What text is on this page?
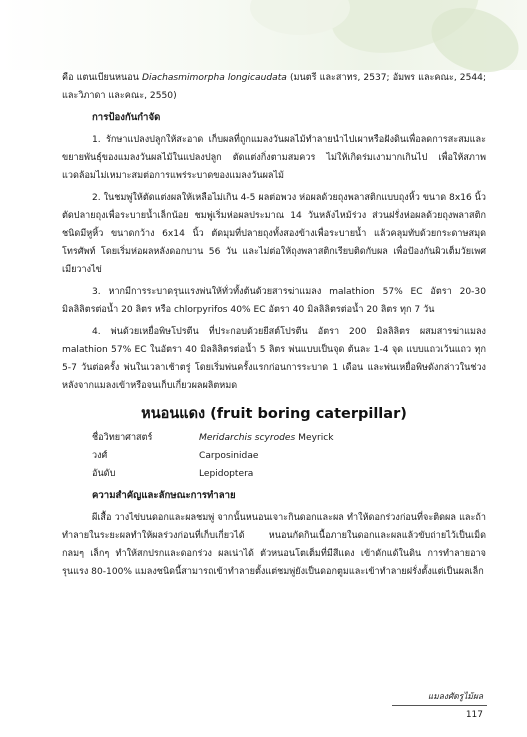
คือ แตนเบียนหนอน Diachasmimorpha longicaudata (มนตรี และสาทร, 2537; อัมพร และคณะ, 2544; และวิภาดา และคณะ, 2550)

การป้องกันกำจัด

1. รักษาแปลงปลูกให้สะอาด เก็บผลที่ถูกแมลงวันผลไม้ทำลายนำไปเผาหรือฝังดินเพื่อลดการสะสมและขยายพันธุ์ของแมลงวันผลไม้ในแปลงปลูก ตัดแต่งกิ่งตามสมควร ไม่ให้เกิดร่มเงามากเกินไป เพื่อให้สภาพแวดล้อมไม่เหมาะสมต่อการแพร่ระบาดของแมลงวันผลไม้

2. ในชมพู่ให้ตัดแต่งผลให้เหลือไม่เกิน 4-5 ผลต่อพวง ห่อผลด้วยถุงพลาสติกแบบถุงหิ้ว ขนาด 8x16 นิ้ว ตัดปลายถุงเพื่อระบายน้ำเล็กน้อย ชมพู่เริ่มห่อผลประมาณ 14 วันหลังไหม้ร่วง ส่วนฝรั่งห่อผลด้วยถุงพลาสติกชนิดมีหูหิ้ว ขนาดกว้าง 6x14 นิ้ว ตัดมุมที่ปลายถุงทั้งสองข้างเพื่อระบายน้ำ แล้วคลุมทับด้วยกระดาษสมุดโทรศัพท์ โดยเริ่มห่อผลหลังดอกบาน 56 วัน และไม่ต่อให้ถุงพลาสติกเรียบติดกับผล เพื่อป้องกันผิวเต็มวัยเพศเมียวางไข่

3. หากมีการระบาดรุนแรงพ่นให้ทั่วทั้งต้นด้วยสารฆ่าแมลง malathion 57% EC อัตรา 20-30 มิลลิลิตรต่อน้ำ 20 ลิตร หรือ chlorpyrifos 40% EC อัตรา 40 มิลลิลิตรต่อน้ำ 20 ลิตร ทุก 7 วัน

4. พ่นด้วยเหยื่อพิษโปรตีน ที่ประกอบด้วยยีสต์โปรตีน อัตรา 200 มิลลิลิตร ผสมสารฆ่าแมลง malathion 57% EC ในอัตรา 40 มิลลิลิตรต่อน้ำ 5 ลิตร พ่นแบบเป็นจุด ต้นละ 1-4 จุด แบบแถวเว้นแถว ทุก 5-7 วันต่อครั้ง พ่นในเวลาเช้าตรู่ โดยเริ่มพ่นครั้งแรกก่อนการระบาด 1 เดือน และพ่นเหยื่อพิษดังกล่าวในช่วงหลังจากแมลงเข้าหรือจนเก็บเกี่ยวผลผลิตหมด

หนอนแดง (fruit boring caterpillar)
ชื่อวิทยาศาสตร์	Meridarchis scyrodes Meyrick
วงศ์	Carposinidae
อันดับ	Lepidoptera
ความสำคัญและลักษณะการทำลาย

ผีเสื้อ วางไข่บนดอกและผลชมพู่ จากนั้นหนอนเจาะกินดอกและผล ทำให้ดอกร่วงก่อนที่จะติดผล และถ้าทำลายในระยะผลทำให้ผลร่วงก่อนที่เก็บเกี่ยวได้ หนอนกัดกินเนื้อภายในดอกและผลแล้วขับถ่ายไว้เป็นเม็ดกลมๆ เล็กๆ ทำให้สกปรกและดอกร่วง ผลเน่าได้ ตัวหนอนโตเต็มที่มีสีแดง เข้าดักแด้ในดิน การทำลายอาจรุนแรง 80-100% แมลงชนิดนี้สามารถเข้าทำลายตั้งแต่ชมพู่ยังเป็นดอกตูมและเข้าทำลายฝรั่งตั้งแต่เป็นผลเล็ก

แมลงศัตรูไม้ผล
117
